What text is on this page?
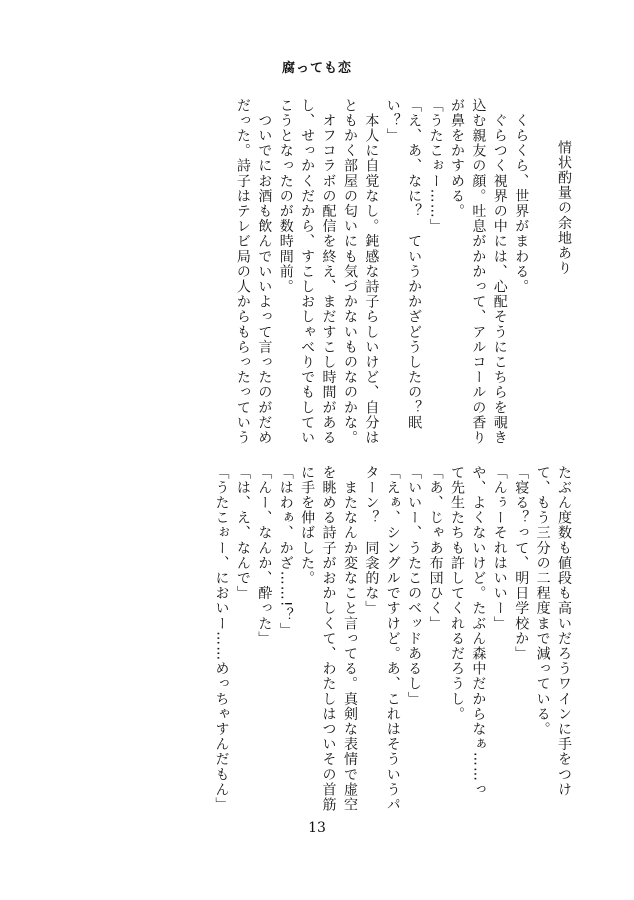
腐っても恋
情状酌量の余地あり
　くらくら、世界がまわる。
　ぐらつく視界の中には、心配そうにこちらを覗き
込む親友の顔。吐息がかかって、アルコールの香り
が鼻をかすめる。
「うたこぉー……」
「え、あ、なに？　ていうかかざどうしたの？眠
い？」
　本人に自覚なし。鈍感な詩子らしいけど、自分は
ともかく部屋の匂いにも気づかないものなのかな。
　オフコラボの配信を終え、まだすこし時間がある
し、せっかくだから、すこしおしゃべりでもしてい
こうとなったのが数時間前。
　ついでにお酒も飲んでいいよって言ったのがだめ
だった。詩子はテレビ局の人からもらったっていう
たぶん度数も値段も高いだろうワインに手をつけ
て、もう三分の二程度まで減っている。
「寝る？って、明日学校か」
「んぅーそれはいいー」
や、よくないけど。たぶん森中だからなぁ……っ
て先生たちも許してくれるだろうし。
「あ、じゃあ布団ひく」
「いいー、うたこのベッドあるし」
「えぁ、シングルですけど。あ、これはそういうパ
ターン？　同衾的な」
　またなんか変なこと言ってる。真剣な表情で虚空
を眺める詩子がおかしくて、わたしはついその首筋
に手を伸ばした。
「はわぁ、かざ……!？」
「んー、なんか、酔った」
「は、え、なんで」
「うたこぉー、においー……めっちゃすんだもん」
13
